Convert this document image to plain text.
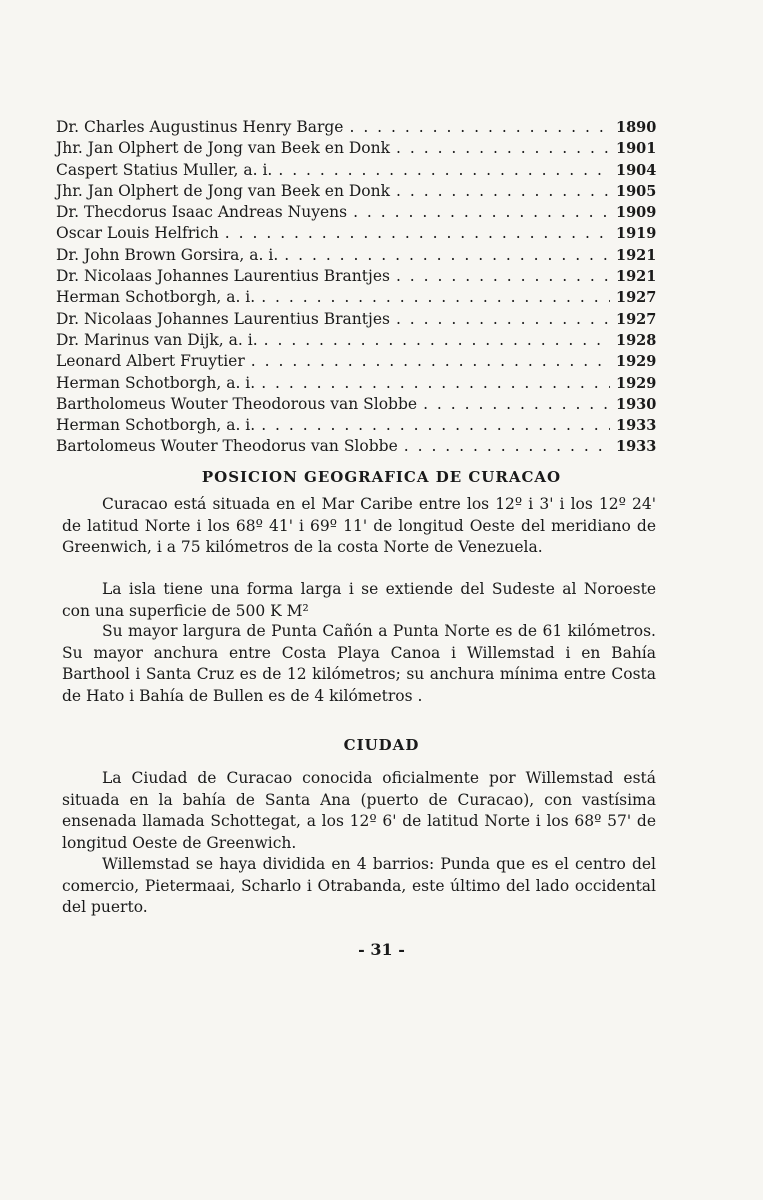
Dr. Charles Augustinus Henry Barge . . .	1890
Jhr. Jan Olphert de Jong van Beek en Donk . . .	1901
Caspert Statius Muller, a. i. . . .	1904
Jhr. Jan Olphert de Jong van Beek en Donk . . .	1905
Dr. Thecdorus Isaac Andreas Nuyens . . .	1909
Oscar Louis Helfrich . . .	1919
Dr. John Brown Gorsira, a. i. . . .	1921
Dr. Nicolaas Johannes Laurentius Brantjes . . .	1921
Herman Schotborgh, a. i. . . .	1927
Dr. Nicolaas Johannes Laurentius Brantjes . . .	1927
Dr. Marinus van Dijk, a. i. . . .	1928
Leonard Albert Fruytier . . .	1929
Herman Schotborgh, a. i. . . .	1929
Bartholomeus Wouter Theodorous van Slobbe . . .	1930
Herman Schotborgh, a. i. . . .	1933
Bartolomeus Wouter Theodorus van Slobbe . . .	1933
POSICION GEOGRAFICA DE CURACAO

Curacao está situada en el Mar Caribe entre los 12º i 3' i los 12º 24' de latitud Norte i los 68º 41' i 69º 11' de longitud Oeste del meridiano de Greenwich, i a 75 kilómetros de la costa Norte de Venezuela.

La isla tiene una forma larga i se extiende del Sudeste al Noroeste con una superficie de 500 K M²

Su mayor largura de Punta Cañón a Punta Norte es de 61 kilómetros. Su mayor anchura entre Costa Playa Canoa i Willemstad i en Bahía Barthool i Santa Cruz es de 12 kilómetros; su anchura mínima entre Costa de Hato i Bahía de Bullen es de 4 kilómetros .

CIUDAD

La Ciudad de Curacao conocida oficialmente por Willemstad está situada en la bahía de Santa Ana (puerto de Curacao), con vastísima ensenada llamada Schottegat, a los 12º 6' de latitud Norte i los 68º 57' de longitud Oeste de Greenwich.

Willemstad se haya dividida en 4 barrios: Punda que es el centro del comercio, Pietermaai, Scharlo i Otrabanda, este último del lado occidental del puerto.

- 31 -
